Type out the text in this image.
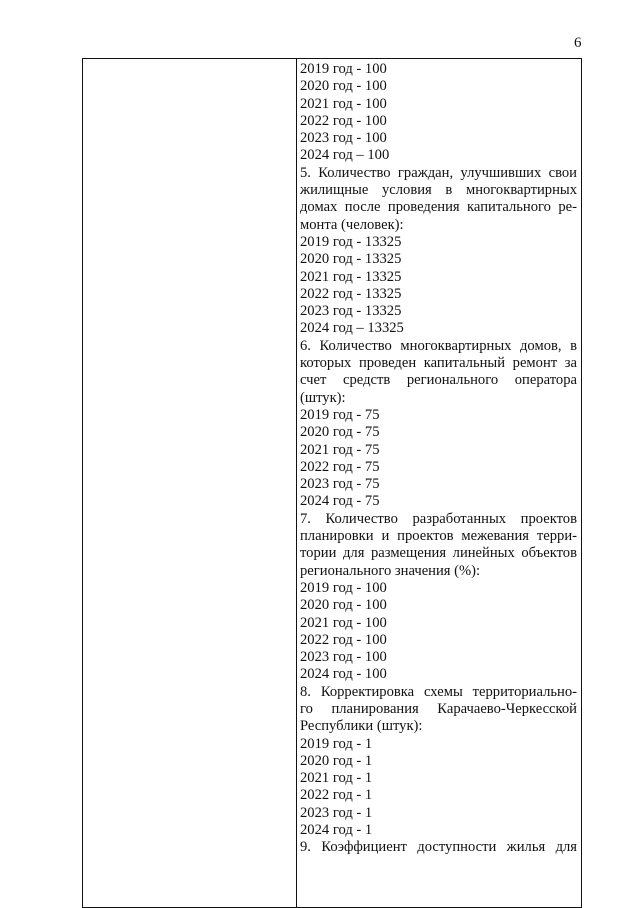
6
2019 год - 100
2020 год - 100
2021 год - 100
2022 год - 100
2023 год - 100
2024 год – 100
5. Количество граждан, улучшивших свои
жилищные условия в многоквартирных
домах после проведения капитального ре-
монта (человек):
2019 год - 13325
2020 год - 13325
2021 год - 13325
2022 год - 13325
2023 год - 13325
2024 год – 13325
6. Количество многоквартирных домов, в
которых проведен капитальный ремонт за
счет средств регионального оператора
(штук):
2019 год - 75
2020 год - 75
2021 год - 75
2022 год - 75
2023 год - 75
2024 год - 75
7. Количество разработанных проектов
планировки и проектов межевания терри-
тории для размещения линейных объектов
регионального значения (%):
2019 год - 100
2020 год - 100
2021 год - 100
2022 год - 100
2023 год - 100
2024 год - 100
8. Корректировка схемы территориально-
го планирования Карачаево-Черкесской
Республики (штук):
2019 год - 1
2020 год - 1
2021 год - 1
2022 год - 1
2023 год - 1
2024 год - 1
9. Коэффициент доступности жилья для
